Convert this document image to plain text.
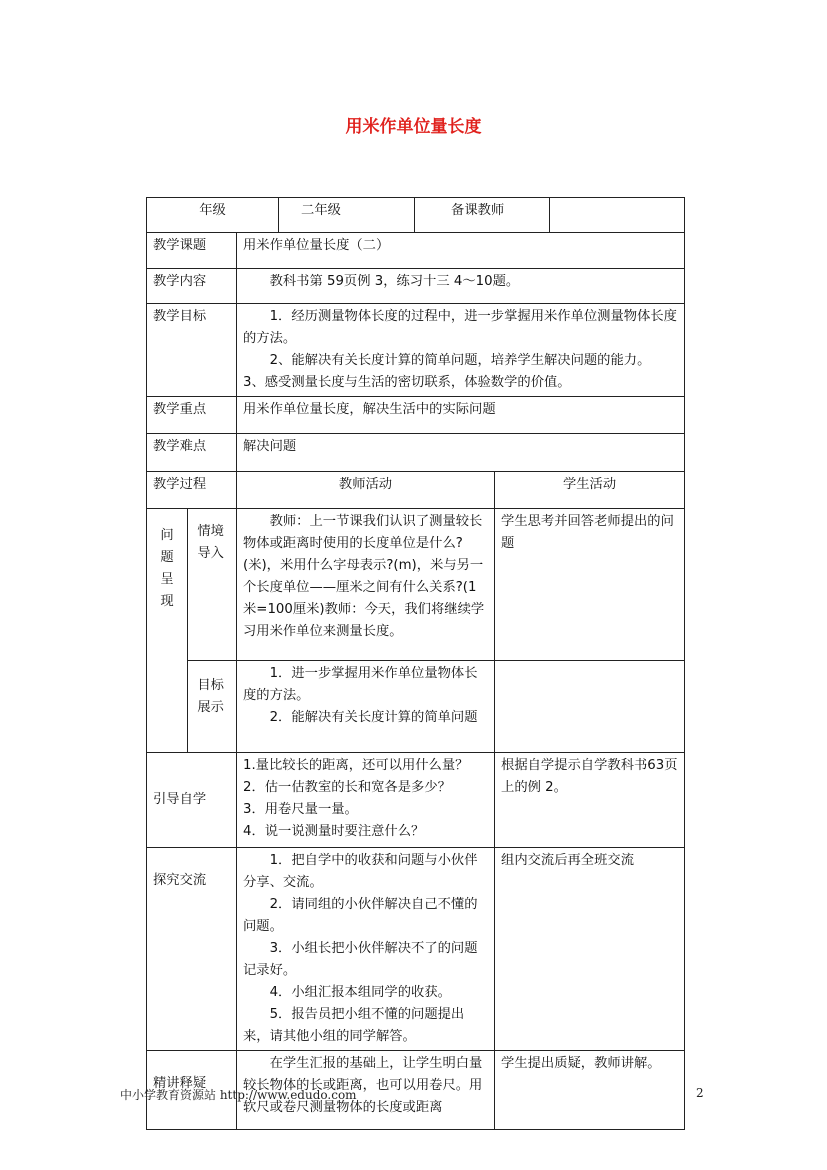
用米作单位量长度
年级			二年级	备课教师		
教学课题		用米作单位量长度（二）				
教学内容		教科书第 59页例 3，练习十三 4～10题。				
教学目标		1．经历测量物体长度的过程中，进一步掌握用米作单位测量物体长度的方法。

2、能解决有关长度计算的简单问题，培养学生解决问题的能力。

3、感受测量长度与生活的密切联系，体验数学的价值。				

教学重点		用米作单位量长度，解决生活中的实际问题				
教学难点		解决问题				
教学过程		教师活动			学生活动	

问题呈现	情境导入	教师：上一节课我们认识了测量较长物体或距离时使用的长度单位是什么?(米)，米用什么字母表示?(m)，米与另一个长度单位——厘米之间有什么关系?(1米=100厘米)教师：今天，我们将继续学习用米作单位来测量长度。			学生思考并回答老师提出的问题	

	目标展示	1．进一步掌握用米作单位量物体长度的方法。

2．能解决有关长度计算的简单问题				

引导自学		1.量比较长的距离，还可以用什么量？

2．估一估教室的长和宽各是多少？

3．用卷尺量一量。

4．说一说测量时要注意什么？			根据自学提示自学教科书63页上的例 2。	

探究交流		1．把自学中的收获和问题与小伙伴分享、交流。

2．请同组的小伙伴解决自己不懂的问题。

3．小组长把小伙伴解决不了的问题记录好。

4．小组汇报本组同学的收获。

5．报告员把小组不懂的问题提出来，请其他小组的同学解答。			组内交流后再全班交流	

精讲释疑		在学生汇报的基础上，让学生明白量较长物体的长或距离，也可以用卷尺。用软尺或卷尺测量物体的长度或距离			学生提出质疑，教师讲解。	
中小学教育资源站 http://www.edudo.com	2
